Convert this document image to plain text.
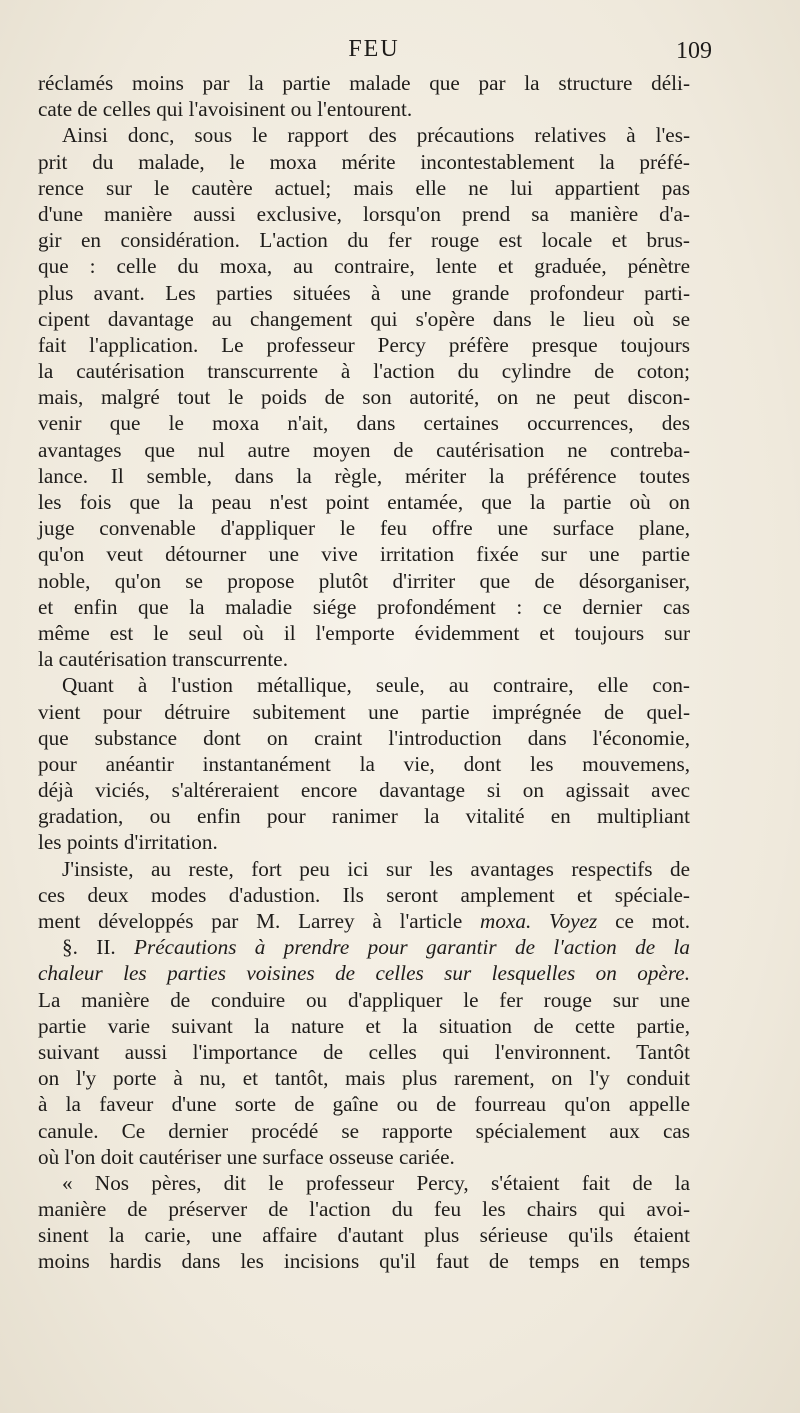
FEU	109
réclamés moins par la partie malade que par la structure déli-
cate de celles qui l'avoisinent ou l'entourent.
Ainsi donc, sous le rapport des précautions relatives à l'es-
prit du malade, le moxa mérite incontestablement la préfé-
rence sur le cautère actuel; mais elle ne lui appartient pas
d'une manière aussi exclusive, lorsqu'on prend sa manière d'a-
gir en considération. L'action du fer rouge est locale et brus-
que : celle du moxa, au contraire, lente et graduée, pénètre
plus avant. Les parties situées à une grande profondeur parti-
cipent davantage au changement qui s'opère dans le lieu où se
fait l'application. Le professeur Percy préfère presque toujours
la cautérisation transcurrente à l'action du cylindre de coton;
mais, malgré tout le poids de son autorité, on ne peut discon-
venir que le moxa n'ait, dans certaines occurrences, des
avantages que nul autre moyen de cautérisation ne contreba-
lance. Il semble, dans la règle, mériter la préférence toutes
les fois que la peau n'est point entamée, que la partie où on
juge convenable d'appliquer le feu offre une surface plane,
qu'on veut détourner une vive irritation fixée sur une partie
noble, qu'on se propose plutôt d'irriter que de désorganiser,
et enfin que la maladie siége profondément : ce dernier cas
même est le seul où il l'emporte évidemment et toujours sur
la cautérisation transcurrente.
Quant à l'ustion métallique, seule, au contraire, elle con-
vient pour détruire subitement une partie imprégnée de quel-
que substance dont on craint l'introduction dans l'économie,
pour anéantir instantanément la vie, dont les mouvemens,
déjà viciés, s'altéreraient encore davantage si on agissait avec
gradation, ou enfin pour ranimer la vitalité en multipliant
les points d'irritation.
J'insiste, au reste, fort peu ici sur les avantages respectifs de
ces deux modes d'adustion. Ils seront amplement et spéciale-
ment développés par M. Larrey à l'article moxa. Voyez ce mot.
§. II. Précautions à prendre pour garantir de l'action de la
chaleur les parties voisines de celles sur lesquelles on opère.
La manière de conduire ou d'appliquer le fer rouge sur une
partie varie suivant la nature et la situation de cette partie,
suivant aussi l'importance de celles qui l'environnent. Tantôt
on l'y porte à nu, et tantôt, mais plus rarement, on l'y conduit
à la faveur d'une sorte de gaîne ou de fourreau qu'on appelle
canule. Ce dernier procédé se rapporte spécialement aux cas
où l'on doit cautériser une surface osseuse cariée.
« Nos pères, dit le professeur Percy, s'étaient fait de la
manière de préserver de l'action du feu les chairs qui avoi-
sinent la carie, une affaire d'autant plus sérieuse qu'ils étaient
moins hardis dans les incisions qu'il faut de temps en temps
